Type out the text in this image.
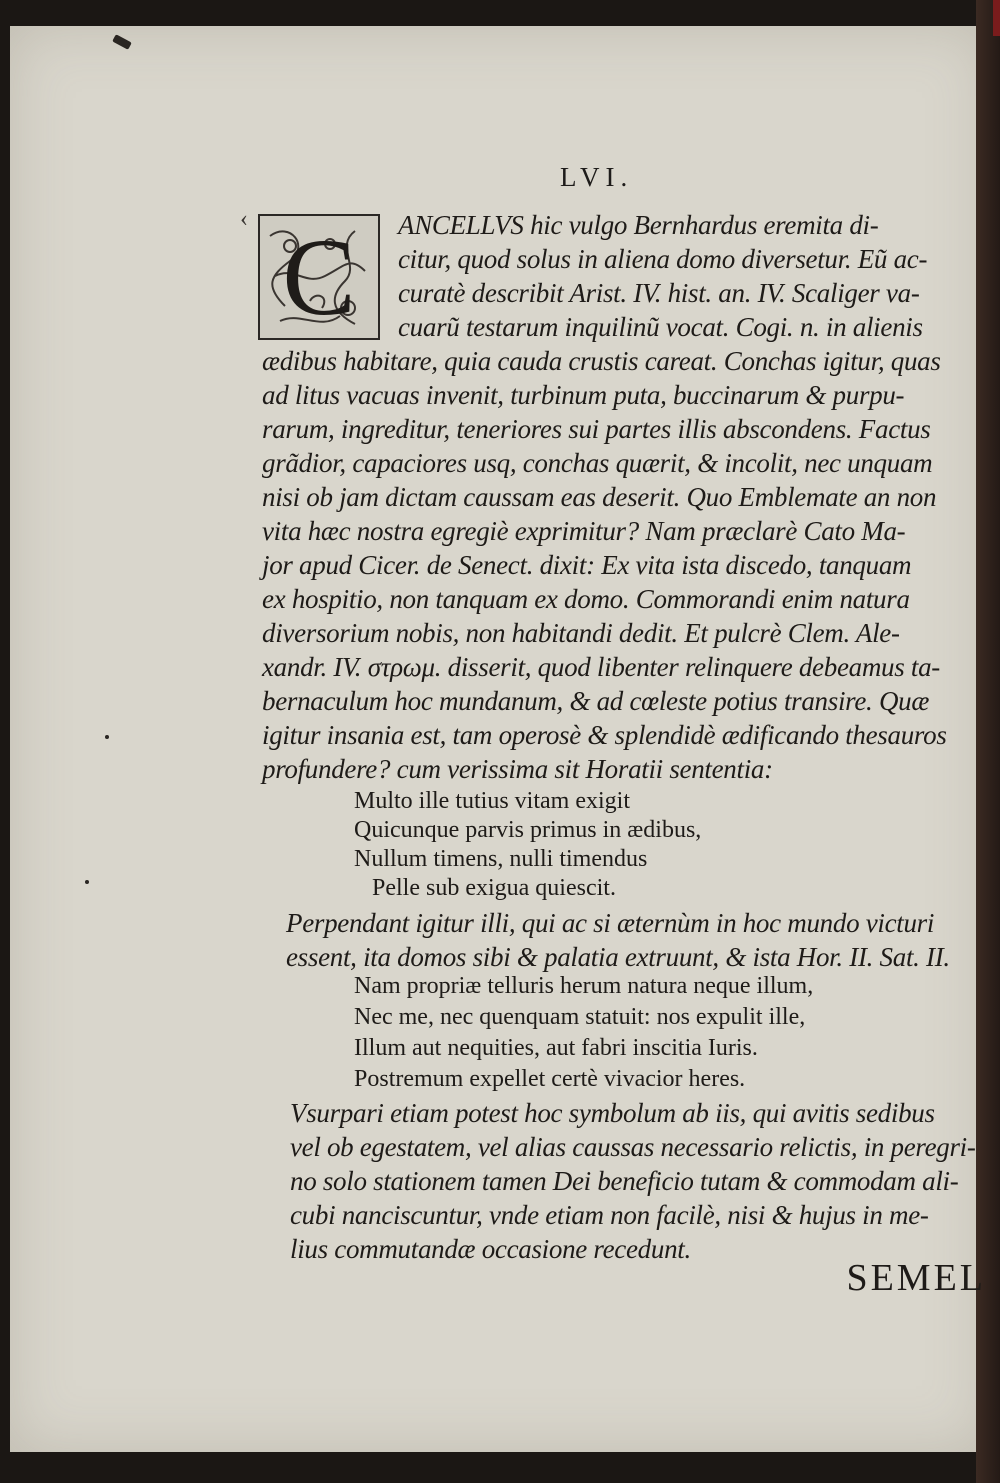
LVI.
‹ C	ANCELLVS hic vulgo Bernhardus eremita di-
citur, quod solus in aliena domo diversetur. Eũ ac-
curatè describit Arist. IV. hist. an. IV. Scaliger va-
cuarũ testarum inquilinũ vocat. Cogi. n. in alienis
ædibus habitare, quia cauda crustis careat. Conchas igitur, quas
ad litus vacuas invenit, turbinum puta, buccinarum & purpu-
rarum, ingreditur, teneriores sui partes illis abscondens. Factus
grãdior, capaciores usq, conchas quærit, & incolit, nec unquam
nisi ob jam dictam caussam eas deserit. Quo Emblemate an non
vita hæc nostra egregiè exprimitur? Nam præclarè Cato Ma-
jor apud Cicer. de Senect. dixit: Ex vita ista discedo, tanquam
ex hospitio, non tanquam ex domo. Commorandi enim natura
diversorium nobis, non habitandi dedit. Et pulcrè Clem. Ale-
xandr. IV. στρωμ. disserit, quod libenter relinquere debeamus ta-
bernaculum hoc mundanum, & ad cœleste potius transire. Quæ
igitur insania est, tam operosè & splendidè ædificando thesauros
profundere? cum verissima sit Horatii sententia:
Multo ille tutius vitam exigit
Quicunque parvis primus in ædibus,
Nullum timens, nulli timendus
Pelle sub exigua quiescit.
Perpendant igitur illi, qui ac si æternùm in hoc mundo victuri
essent, ita domos sibi & palatia extruunt, & ista Hor. II. Sat. II.
Nam propriæ telluris herum natura neque illum,
Nec me, nec quenquam statuit: nos expulit ille,
Illum aut nequities, aut fabri inscitia Iuris.
Postremum expellet certè vivacior heres.
Vsurpari etiam potest hoc symbolum ab iis, qui avitis sedibus
vel ob egestatem, vel alias caussas necessario relictis, in peregri-
no solo stationem tamen Dei beneficio tutam & commodam ali-
cubi nanciscuntur, vnde etiam non facilè, nisi & hujus in me-
lius commutandæ occasione recedunt.
SEMEL
